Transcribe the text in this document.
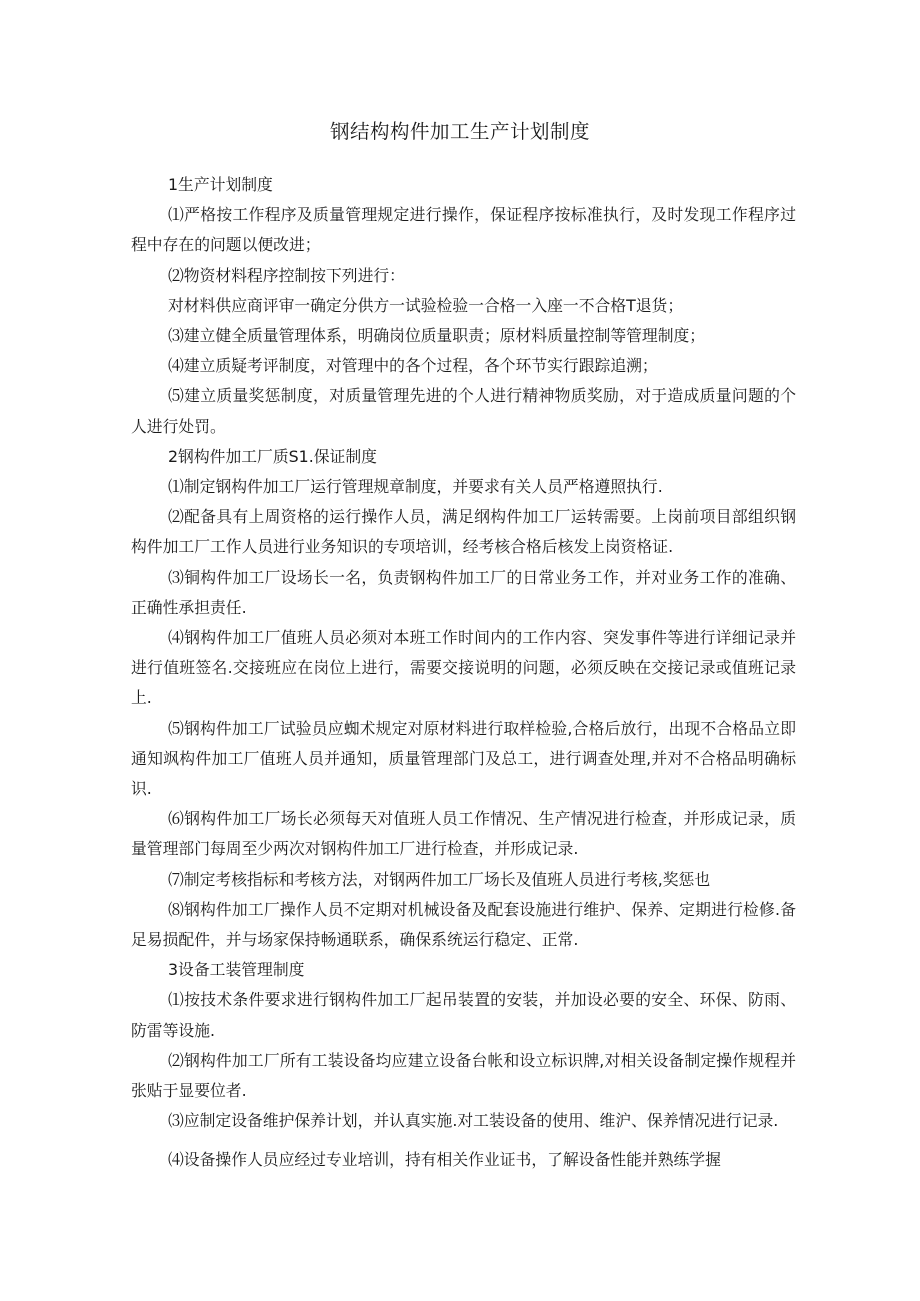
钢结构构件加工生产计划制度

1生产计划制度

⑴严格按工作程序及质量管理规定进行操作，保证程序按标准执行，及时发现工作程序过程中存在的问题以便改进；

⑵物资材料程序控制按下列进行：

对材料供应商评审一确定分供方一试验检验一合格一入座一不合格T退货；

⑶建立健全质量管理体系，明确岗位质量职责；原材料质量控制等管理制度；

⑷建立质疑考评制度，对管理中的各个过程，各个环节实行跟踪追溯；

⑸建立质量奖惩制度，对质量管理先进的个人进行精神物质奖励，对于造成质量问题的个人进行处罚。

2钢构件加工厂质S1.保证制度

⑴制定钢构件加工厂运行管理规章制度，并要求有关人员严格遵照执行.

⑵配备具有上周资格的运行操作人员，满足纲构件加工厂运转需要。上岗前项目部组织钢构件加工厂工作人员进行业务知识的专项培训，经考核合格后核发上岗资格证.

⑶铜构件加工厂设场长一名，负责钢构件加工厂的日常业务工作，并对业务工作的准确、正确性承担责任.

⑷钢构件加工厂值班人员必须对本班工作时间内的工作内容、突发事件等进行详细记录并进行值班签名.交接班应在岗位上进行，需要交接说明的问题，必须反映在交接记录或值班记录上.

⑸钢构件加工厂试验员应蜘术规定对原材料进行取样检验,合格后放行，出现不合格品立即通知飒构件加工厂值班人员并通知，质量管理部门及总工，进行调查处理,并对不合格品明确标识.

⑹钢构件加工厂场长必须每天对值班人员工作情况、生产情况进行检查，并形成记录，质量管理部门每周至少两次对钢构件加工厂进行检查，并形成记录.

⑺制定考核指标和考核方法，对钢两件加工厂场长及值班人员进行考核,奖惩也

⑻钢构件加工厂操作人员不定期对机械设备及配套设施进行维护、保养、定期进行检修.备足易损配件，并与场家保持畅通联系，确保系统运行稳定、正常.

3设备工装管理制度

⑴按技术条件要求进行钢构件加工厂起吊装置的安装，并加设必要的安全、环保、防雨、防雷等设施.

⑵钢构件加工厂所有工装设备均应建立设备台帐和设立标识牌,对相关设备制定操作规程并张贴于显要位者.

⑶应制定设备维护保养计划，并认真实施.对工装设备的使用、维沪、保养情况进行记录.

⑷设备操作人员应经过专业培训，持有相关作业证书，了解设备性能并熟练学握
